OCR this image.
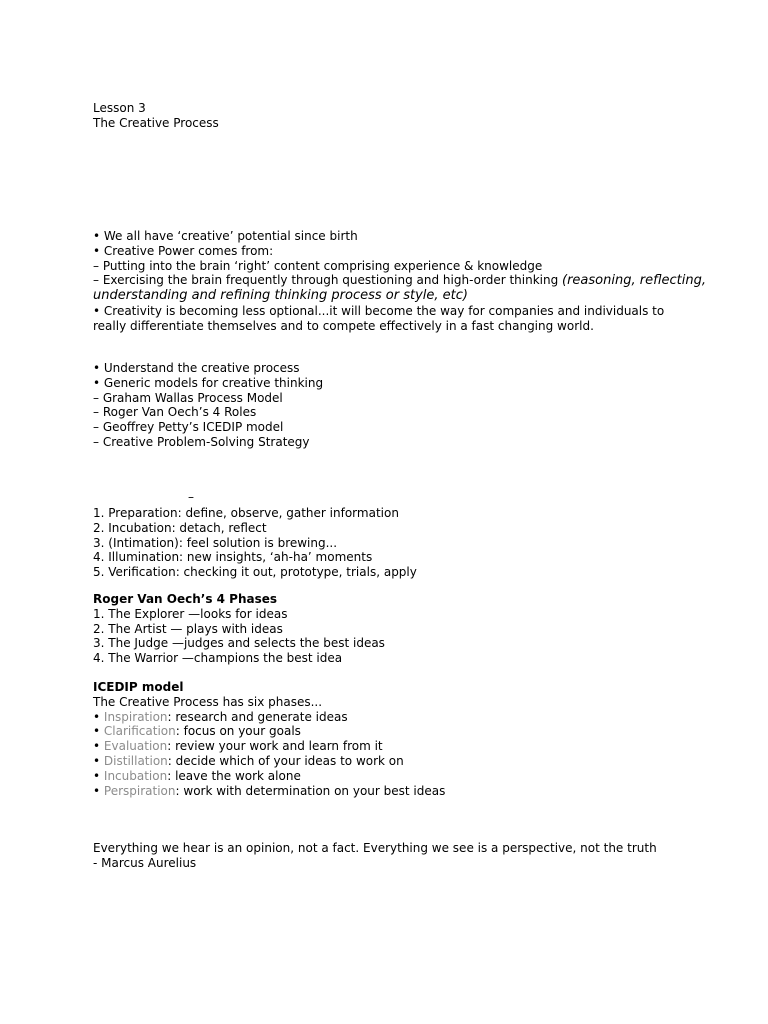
Lesson 3
The Creative Process
• We all have ‘creative’ potential since birth
• Creative Power comes from:
– Putting into the brain ‘right’ content comprising experience & knowledge
– Exercising the brain frequently through questioning and high-order thinking (reasoning, reflecting,
understanding and refining thinking process or style, etc)
• Creativity is becoming less optional...it will become the way for companies and individuals to really differentiate themselves and to compete effectively in a fast changing world.
• Understand the creative process
• Generic models for creative thinking
– Graham Wallas Process Model
– Roger Van Oech’s 4 Roles
– Geoffrey Petty’s ICEDIP model
– Creative Problem-Solving Strategy
–
1. Preparation: define, observe, gather information
2. Incubation: detach, reflect
3. (Intimation): feel solution is brewing...
4. Illumination: new insights, ‘ah-ha’ moments
5. Verification: checking it out, prototype, trials, apply
Roger Van Oech’s 4 Phases
1. The Explorer —looks for ideas
2. The Artist — plays with ideas
3. The Judge —judges and selects the best ideas
4. The Warrior —champions the best idea
ICEDIP model
The Creative Process has six phases...
• Inspiration: research and generate ideas
• Clarification: focus on your goals
• Evaluation: review your work and learn from it
• Distillation: decide which of your ideas to work on
• Incubation: leave the work alone
• Perspiration: work with determination on your best ideas
Everything we hear is an opinion, not a fact. Everything we see is a perspective, not the truth
- Marcus Aurelius
